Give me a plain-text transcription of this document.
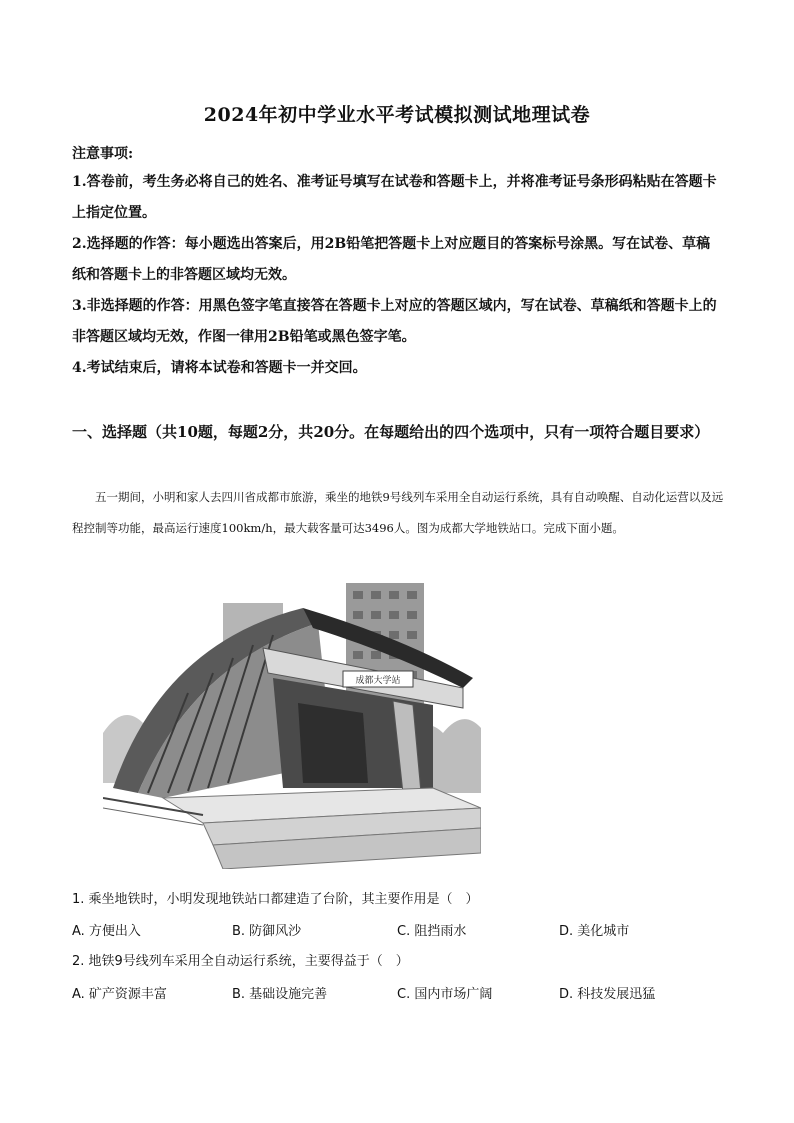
2024年初中学业水平考试模拟测试地理试卷
注意事项:
1.答卷前，考生务必将自己的姓名、准考证号填写在试卷和答题卡上，并将准考证号条形码粘贴在答题卡上指定位置。
2.选择题的作答：每小题选出答案后，用2B铅笔把答题卡上对应题目的答案标号涂黑。写在试卷、草稿纸和答题卡上的非答题区域均无效。
3.非选择题的作答：用黑色签字笔直接答在答题卡上对应的答题区域内，写在试卷、草稿纸和答题卡上的非答题区域均无效，作图一律用2B铅笔或黑色签字笔。
4.考试结束后，请将本试卷和答题卡一并交回。
一、选择题（共10题，每题2分，共20分。在每题给出的四个选项中，只有一项符合题目要求）
五一期间，小明和家人去四川省成都市旅游，乘坐的地铁9号线列车采用全自动运行系统，具有自动唤醒、自动化运营以及远程控制等功能，最高运行速度100km/h，最大载客量可达3496人。图为成都大学地铁站口。完成下面小题。
成都大学站
1. 乘坐地铁时，小明发现地铁站口都建造了台阶，其主要作用是（　）
A. 方便出入	B. 防御风沙	C. 阻挡雨水	D. 美化城市
2. 地铁9号线列车采用全自动运行系统，主要得益于（　）
A. 矿产资源丰富	B. 基础设施完善	C. 国内市场广阔	D. 科技发展迅猛
